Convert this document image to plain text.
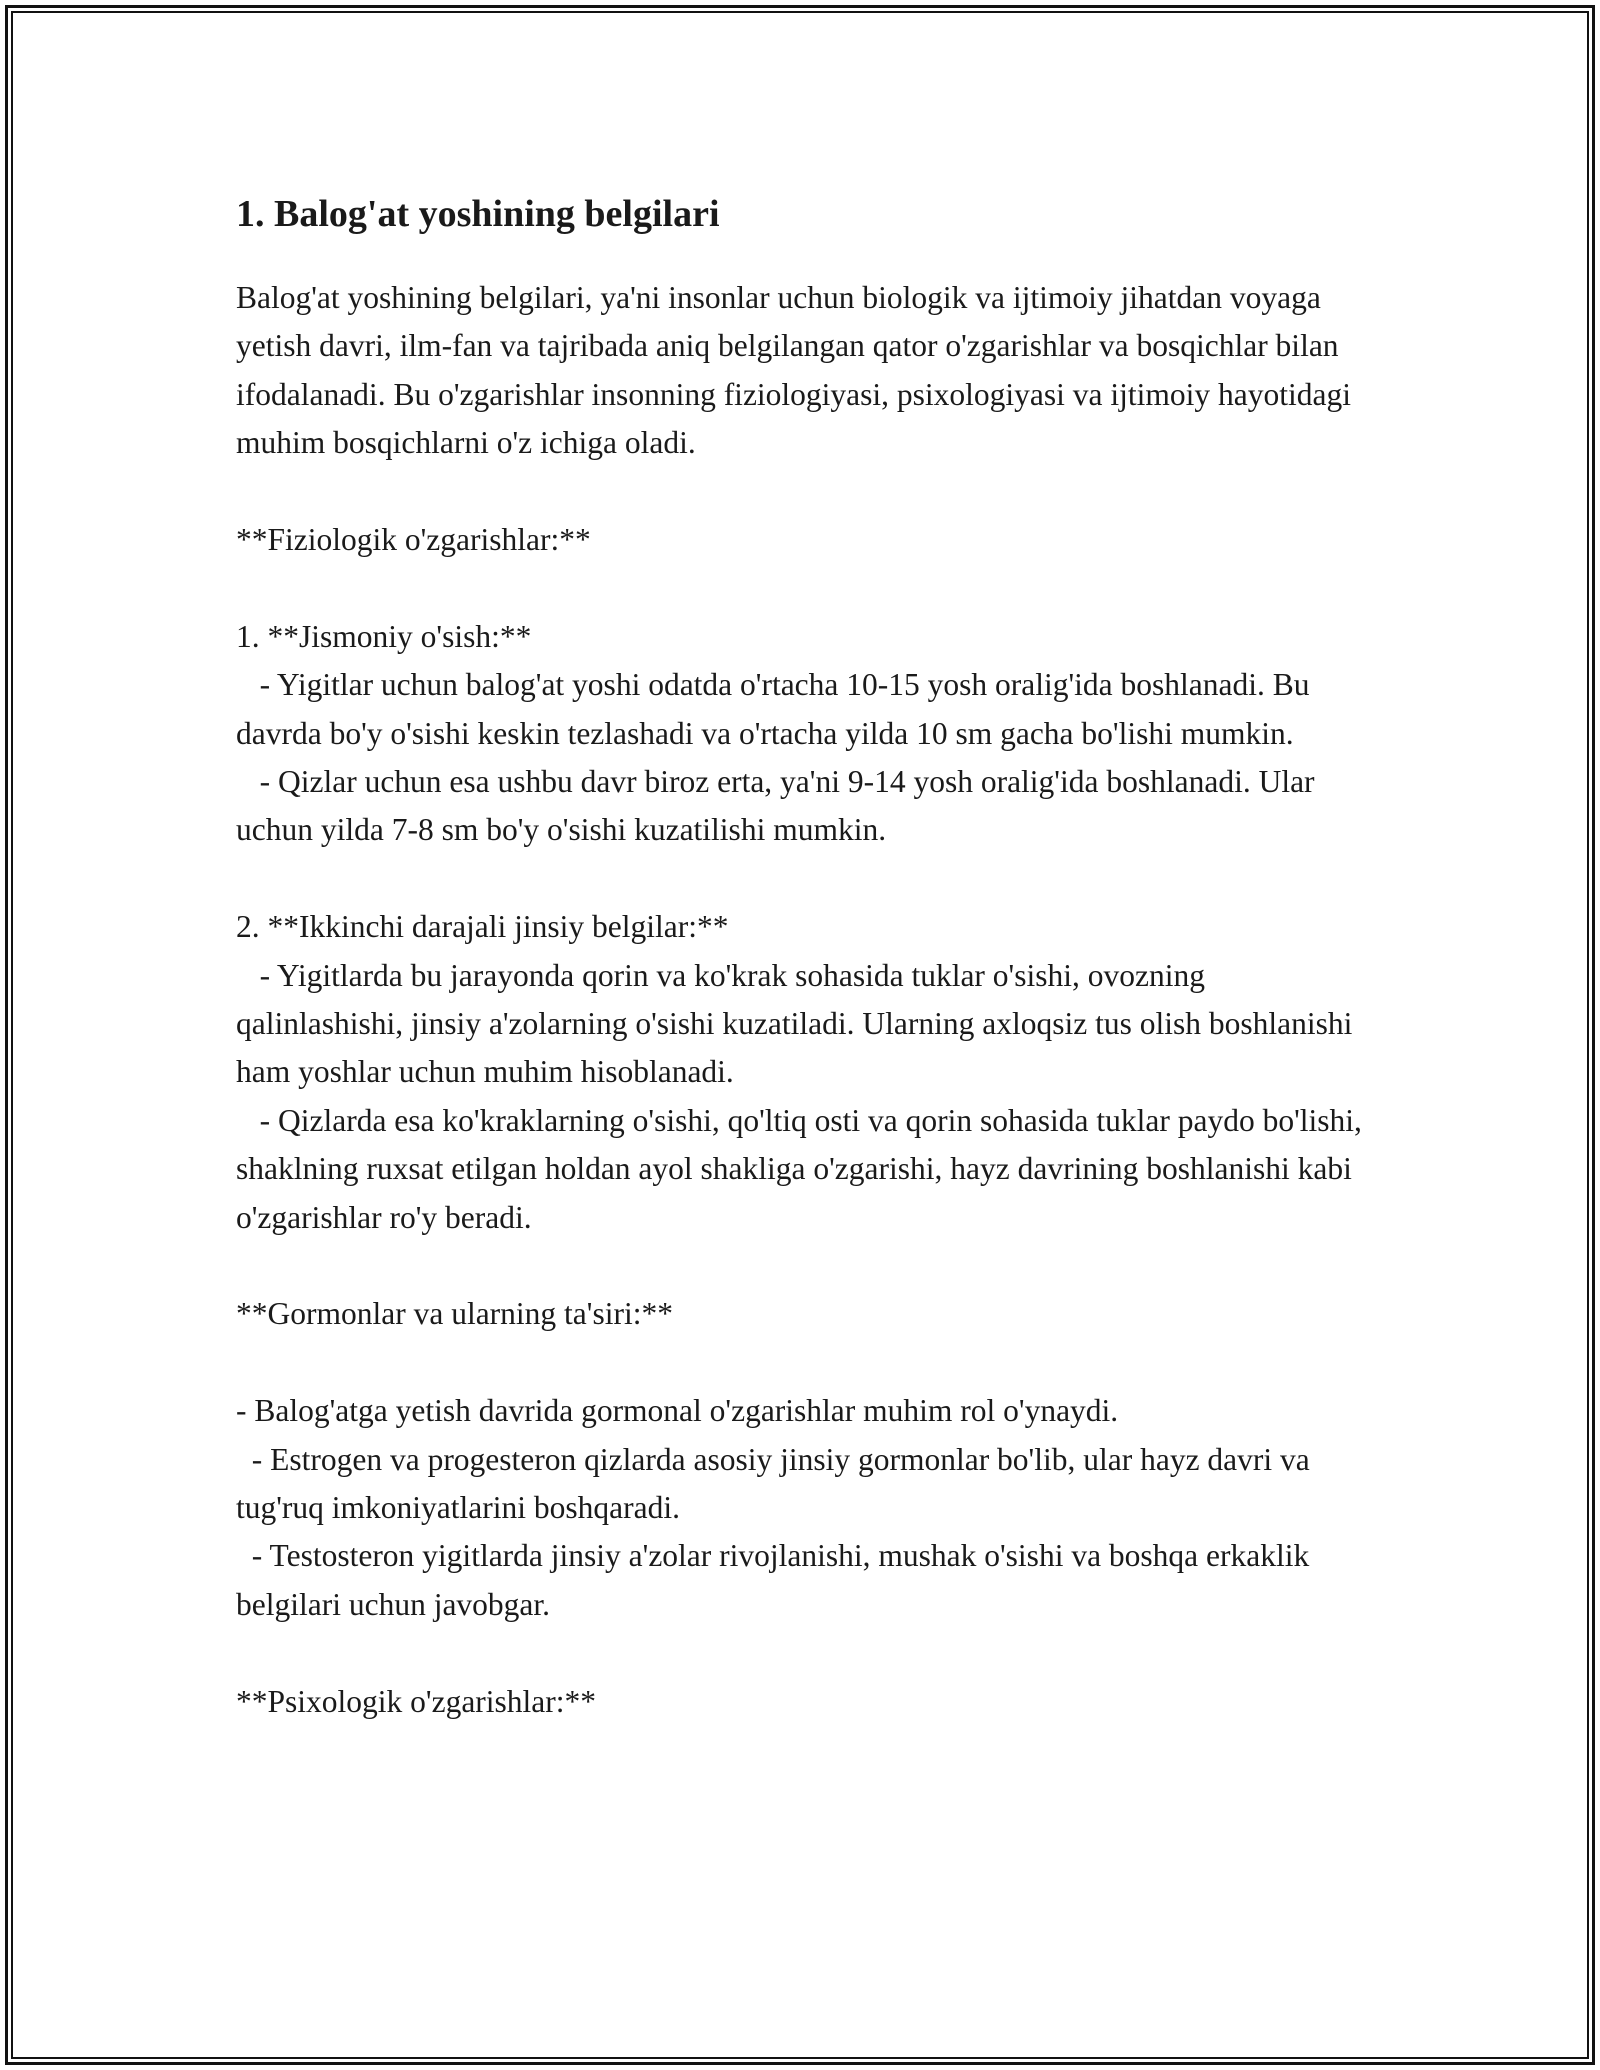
1. Balog'at yoshining belgilari

Balog'at yoshining belgilari, ya'ni insonlar uchun biologik va ijtimoiy jihatdan voyaga yetish davri, ilm-fan va tajribada aniq belgilangan qator o'zgarishlar va bosqichlar bilan ifodalanadi. Bu o'zgarishlar insonning fiziologiyasi, psixologiyasi va ijtimoiy hayotidagi muhim bosqichlarni o'z ichiga oladi.

**Fiziologik o'zgarishlar:**

1. **Jismoniy o'sish:**

- Yigitlar uchun balog'at yoshi odatda o'rtacha 10-15 yosh oralig'ida boshlanadi. Bu davrda bo'y o'sishi keskin tezlashadi va o'rtacha yilda 10 sm gacha bo'lishi mumkin.

- Qizlar uchun esa ushbu davr biroz erta, ya'ni 9-14 yosh oralig'ida boshlanadi. Ular uchun yilda 7-8 sm bo'y o'sishi kuzatilishi mumkin.

2. **Ikkinchi darajali jinsiy belgilar:**

- Yigitlarda bu jarayonda qorin va ko'krak sohasida tuklar o'sishi, ovozning qalinlashishi, jinsiy a'zolarning o'sishi kuzatiladi. Ularning axloqsiz tus olish boshlanishi ham yoshlar uchun muhim hisoblanadi.

- Qizlarda esa ko'kraklarning o'sishi, qo'ltiq osti va qorin sohasida tuklar paydo bo'lishi, shaklning ruxsat etilgan holdan ayol shakliga o'zgarishi, hayz davrining boshlanishi kabi o'zgarishlar ro'y beradi.

**Gormonlar va ularning ta'siri:**

- Balog'atga yetish davrida gormonal o'zgarishlar muhim rol o'ynaydi.

- Estrogen va progesteron qizlarda asosiy jinsiy gormonlar bo'lib, ular hayz davri va tug'ruq imkoniyatlarini boshqaradi.

- Testosteron yigitlarda jinsiy a'zolar rivojlanishi, mushak o'sishi va boshqa erkaklik belgilari uchun javobgar.

**Psixologik o'zgarishlar:**
